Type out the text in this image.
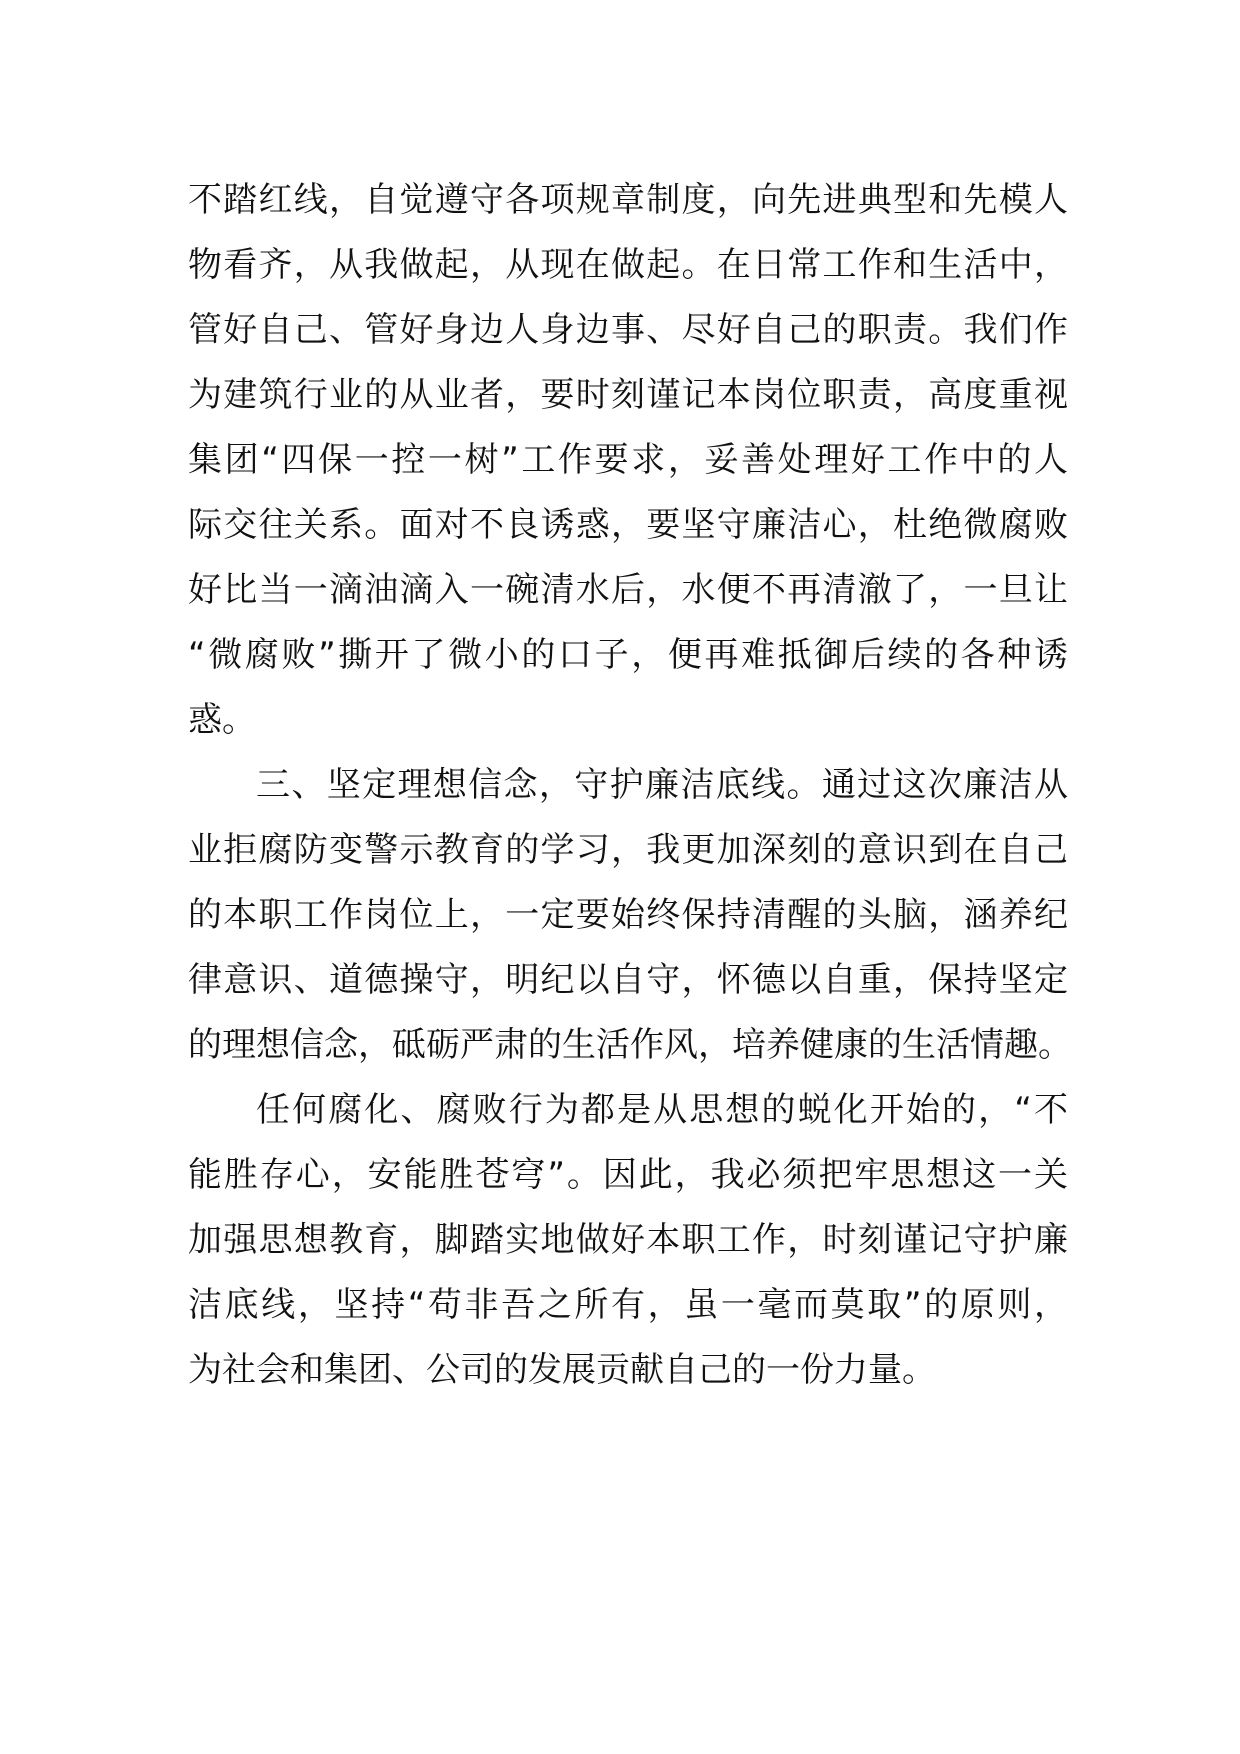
不踏红线，自觉遵守各项规章制度，向先进典型和先模人
物看齐，从我做起，从现在做起。在日常工作和生活中，
管好自己、管好身边人身边事、尽好自己的职责。我们作
为建筑行业的从业者，要时刻谨记本岗位职责，高度重视
集团“四保一控一树”工作要求，妥善处理好工作中的人
际交往关系。面对不良诱惑，要坚守廉洁心，杜绝微腐败
好比当一滴油滴入一碗清水后，水便不再清澈了，一旦让
“微腐败”撕开了微小的口子，便再难抵御后续的各种诱
惑。
三、坚定理想信念，守护廉洁底线。通过这次廉洁从
业拒腐防变警示教育的学习，我更加深刻的意识到在自己
的本职工作岗位上，一定要始终保持清醒的头脑，涵养纪
律意识、道德操守，明纪以自守，怀德以自重，保持坚定
的理想信念，砥砺严肃的生活作风，培养健康的生活情趣。
任何腐化、腐败行为都是从思想的蜕化开始的，“不
能胜存心，安能胜苍穹”。因此，我必须把牢思想这一关
加强思想教育，脚踏实地做好本职工作，时刻谨记守护廉
洁底线，坚持“苟非吾之所有，虽一毫而莫取”的原则，
为社会和集团、公司的发展贡献自己的一份力量。
